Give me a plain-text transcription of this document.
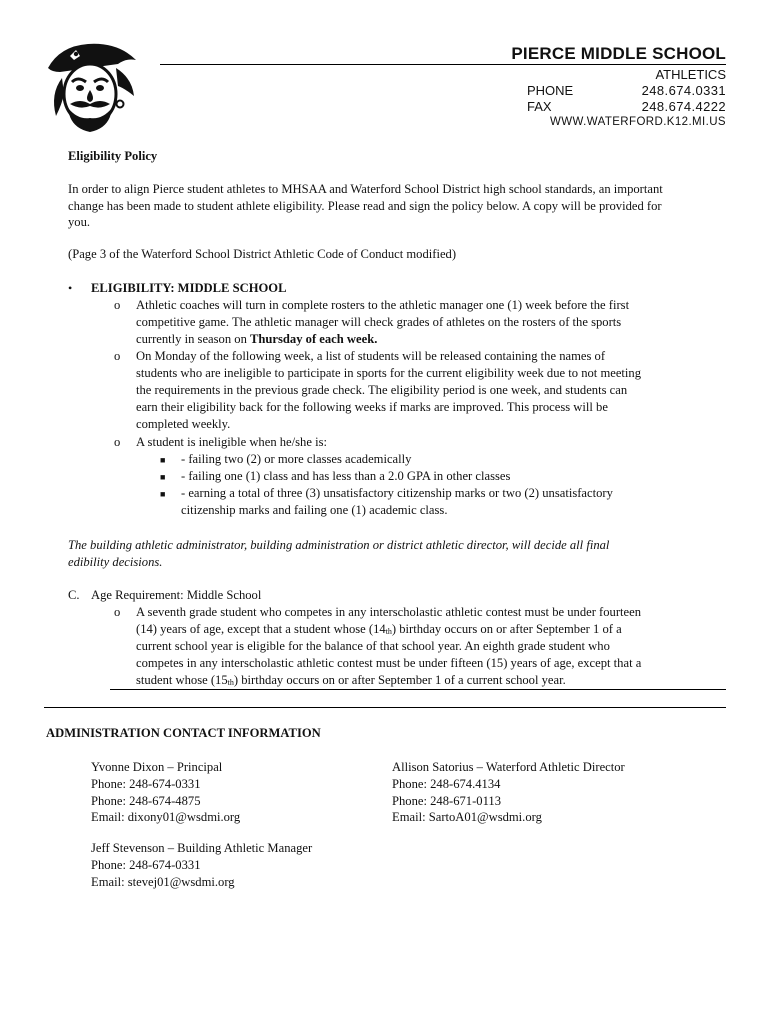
PIERCE MIDDLE SCHOOL
ATHLETICS
PHONE	248.674.0331
FAX	248.674.4222
WWW.WATERFORD.K12.MI.US
Eligibility Policy
In order to align Pierce student athletes to MHSAA and Waterford School District high school standards, an important
change has been made to student athlete eligibility. Please read and sign the policy below. A copy will be provided for
you.
(Page 3 of the Waterford School District Athletic Code of Conduct modified)
• ELIGIBILITY: MIDDLE SCHOOL
o Athletic coaches will turn in complete rosters to the athletic manager one (1) week before the first
competitive game. The athletic manager will check grades of athletes on the rosters of the sports
currently in season on Thursday of each week.
o On Monday of the following week, a list of students will be released containing the names of
students who are ineligible to participate in sports for the current eligibility week due to not meeting
the requirements in the previous grade check. The eligibility period is one week, and students can
earn their eligibility back for the following weeks if marks are improved. This process will be
completed weekly.
o A student is ineligible when he/she is:
■ - failing two (2) or more classes academically
■ - failing one (1) class and has less than a 2.0 GPA in other classes
■ - earning a total of three (3) unsatisfactory citizenship marks or two (2) unsatisfactory
citizenship marks and failing one (1) academic class.
The building athletic administrator, building administration or district athletic director, will decide all final
edibility decisions.
C. Age Requirement: Middle School
o A seventh grade student who competes in any interscholastic athletic contest must be under fourteen
(14) years of age, except that a student whose $(14_{th})$ birthday occurs on or after September 1 of a
current school year is eligible for the balance of that school year. An eighth grade student who
competes in any interscholastic athletic contest must be under fifteen (15) years of age, except that a
student whose $(15_{th})$ birthday occurs on or after September 1 of a current school year.
ADMINISTRATION CONTACT INFORMATION
Yvonne Dixon – Principal
Phone: 248-674-0331
Phone: 248-674-4875
Email: dixony01@wsdmi.org
Allison Satorius – Waterford Athletic Director
Phone: 248-674.4134
Phone: 248-671-0113
Email: SartoA01@wsdmi.org
Jeff Stevenson – Building Athletic Manager
Phone: 248-674-0331
Email: stevej01@wsdmi.org
